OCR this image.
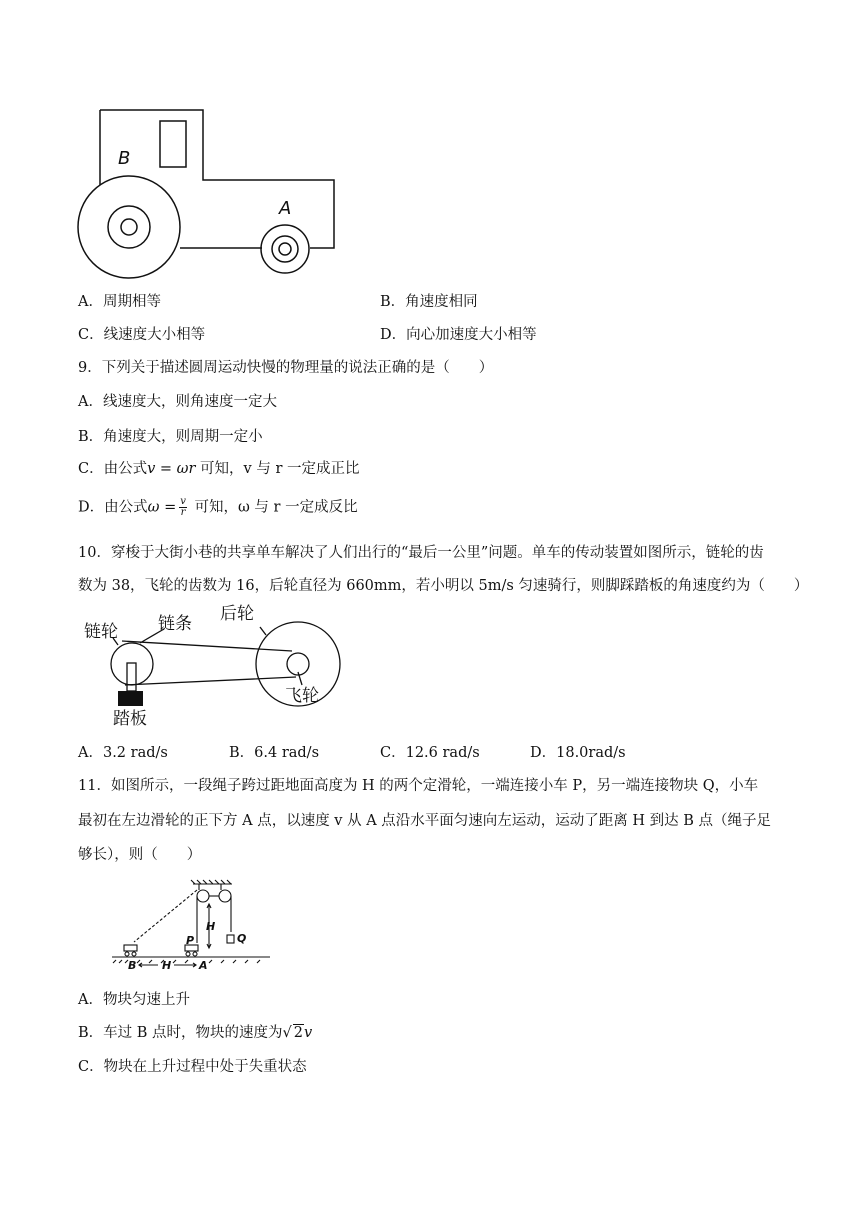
B
A
A．周期相等	B．角速度相同
C．线速度大小相等	D．向心加速度大小相等
9．下列关于描述圆周运动快慢的物理量的说法正确的是（　　）
A．线速度大，则角速度一定大
B．角速度大，则周期一定小
C．由公式v = ωr 可知，v 与 r 一定成正比
D．由公式$\omega = \frac{v}{r}$ 可知，ω 与 r 一定成反比
10．穿梭于大街小巷的共享单车解决了人们出行的“最后一公里”问题。单车的传动装置如图所示，链轮的齿
数为 38，飞轮的齿数为 16，后轮直径为 660mm，若小明以 5m/s 匀速骑行，则脚踩踏板的角速度约为（　　）
链轮 链条 后轮
飞轮
踏板
A．3.2 rad/s	B．6.4 rad/s	C．12.6 rad/s	D．18.0rad/s
11．如图所示，一段绳子跨过距地面高度为 H 的两个定滑轮，一端连接小车 P，另一端连接物块 Q，小车
最初在左边滑轮的正下方 A 点，以速度 v 从 A 点沿水平面匀速向左运动，运动了距离 H 到达 B 点（绳子足
够长），则（　　）
H
P	Q
B H	A
A．物块匀速上升
B．车过 B 点时，物块的速度为√ 2v
C．物块在上升过程中处于失重状态
